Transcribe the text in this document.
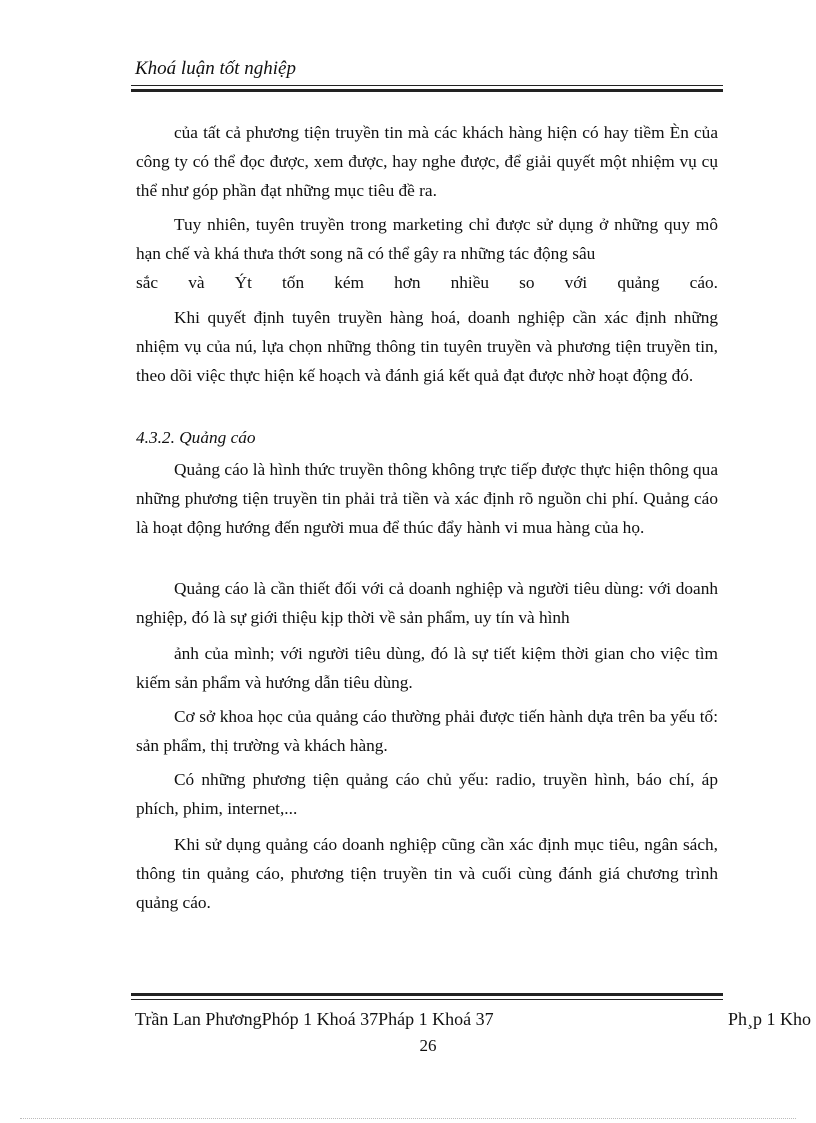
Khoá luận tốt nghiệp

của tất cả phương tiện truyền tin mà các khách hàng hiện có hay tiềm Èn của công ty có thể đọc được, xem được, hay nghe được, để giải quyết một nhiệm vụ cụ thể như góp phần đạt những mục tiêu đề ra.

Tuy nhiên, tuyên truyền trong marketing chỉ được sử dụng ở những quy mô hạn chế và khá thưa thớt song nã có thể gây ra những tác động sâu

sắc và Ýt tốn kém hơn nhiều so với quảng cáo.

Khi quyết định tuyên truyền hàng hoá, doanh nghiệp cần xác định những nhiệm vụ của nú, lựa chọn những thông tin tuyên truyền và phương tiện truyền tin, theo dõi việc thực hiện kế hoạch và đánh giá kết quả đạt được nhờ hoạt động đó.

4.3.2. Quảng cáo

Quảng cáo là hình thức truyền thông không trực tiếp được thực hiện thông qua những phương tiện truyền tin phải trả tiền và xác định rõ nguồn chi phí. Quảng cáo là hoạt động hướng đến người mua để thúc đẩy hành vi mua hàng của họ.

Quảng cáo là cần thiết đối với cả doanh nghiệp và người tiêu dùng: với doanh nghiệp, đó là sự giới thiệu kịp thời về sản phẩm, uy tín và hình

ảnh của mình; với người tiêu dùng, đó là sự tiết kiệm thời gian cho việc tìm kiếm sản phẩm và hướng dẫn tiêu dùng.

Cơ sở khoa học của quảng cáo thường phải được tiến hành dựa trên ba yếu tố: sản phẩm, thị trường và khách hàng.

Có những phương tiện quảng cáo chủ yếu: radio, truyền hình, báo chí, áp phích, phim, internet,...

Khi sử dụng quảng cáo doanh nghiệp cũng cần xác định mục tiêu, ngân sách, thông tin quảng cáo, phương tiện truyền tin và cuối cùng đánh giá chương trình quảng cáo.

Trần Lan PhươngPhóp 1 Khoá 37Pháp 1 Khoá 37	Ph¸p 1 Kho
26
